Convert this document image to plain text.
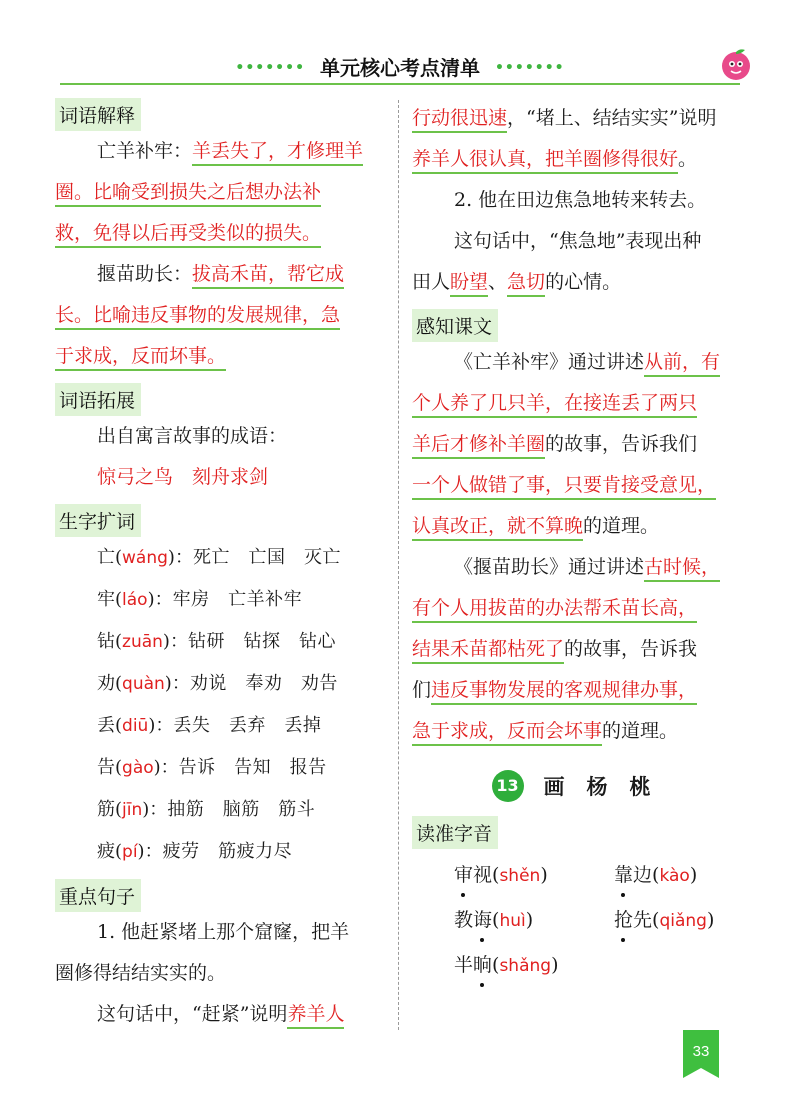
••••••• 单元核心考点清单 •••••••
词语解释
亡羊补牢：羊丢失了，才修理羊
圈。比喻受到损失之后想办法补
救，免得以后再受类似的损失。
揠苗助长：拔高禾苗，帮它成
长。比喻违反事物的发展规律，急
于求成，反而坏事。
词语拓展
出自寓言故事的成语：
惊弓之鸟　刻舟求剑
生字扩词
亡(wáng)：死亡　亡国　灭亡
牢(láo)：牢房　亡羊补牢
钻(zuān)：钻研　钻探　钻心
劝(quàn)：劝说　奉劝　劝告
丢(diū)：丢失　丢弃　丢掉
告(gào)：告诉　告知　报告
筋(jīn)：抽筋　脑筋　筋斗
疲(pí)：疲劳　筋疲力尽
重点句子
1. 他赶紧堵上那个窟窿，把羊
圈修得结结实实的。
这句话中，“赶紧”说明养羊人
行动很迅速，“堵上、结结实实”说明
养羊人很认真，把羊圈修得很好。
2. 他在田边焦急地转来转去。
这句话中，“焦急地”表现出种
田人盼望、急切的心情。
感知课文
《亡羊补牢》通过讲述从前，有
个人养了几只羊，在接连丢了两只
羊后才修补羊圈的故事，告诉我们
一个人做错了事，只要肯接受意见，
认真改正，就不算晚的道理。
《揠苗助长》通过讲述古时候，
有个人用拔苗的办法帮禾苗长高，
结果禾苗都枯死了的故事，告诉我
们违反事物发展的客观规律办事，
急于求成，反而会坏事的道理。
13 画杨桃
读准字音
审视(shěn)	靠边(kào)
教诲(huì)	抢先(qiǎng)
半晌(shǎng)
33
